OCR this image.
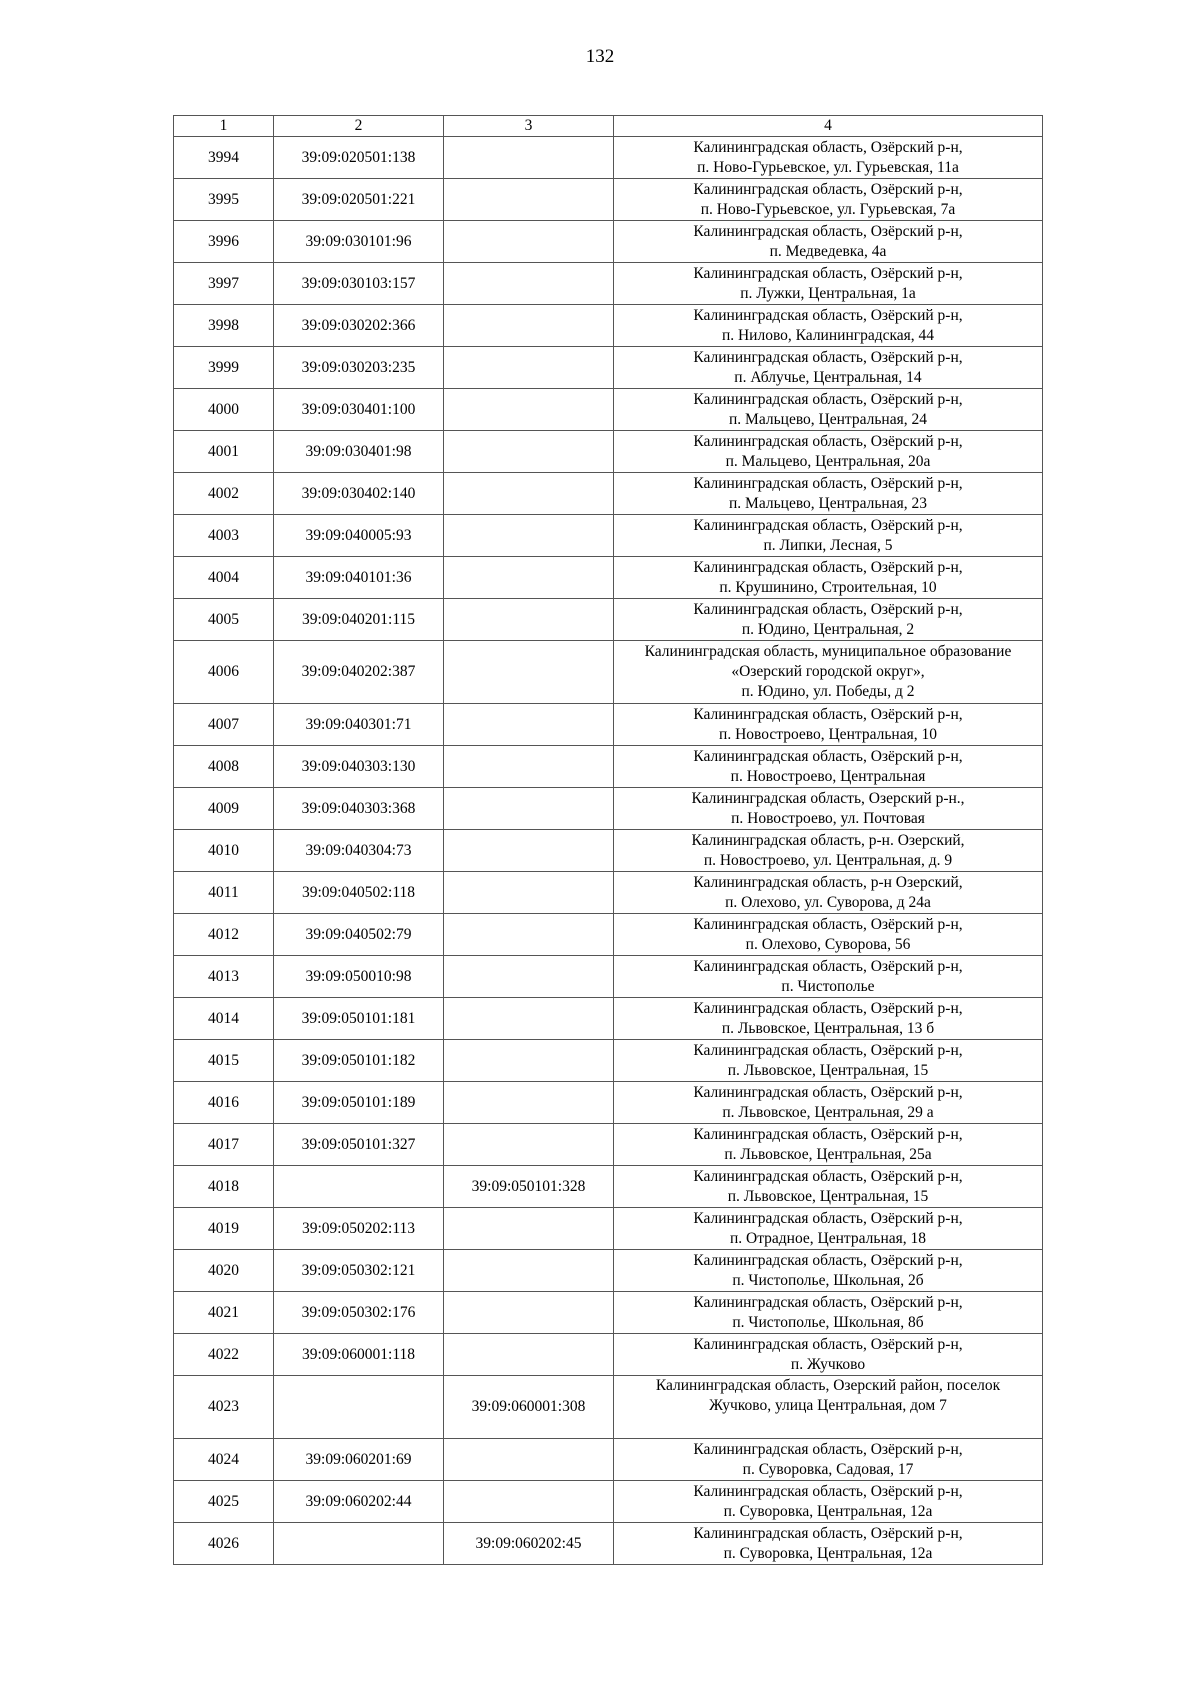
132
1	2	3	4
3994	39:09:020501:138		Калининградская область, Озёрский р-н,
п. Ново-Гурьевское, ул. Гурьевская, 11а
3995	39:09:020501:221		Калининградская область, Озёрский р-н,
п. Ново-Гурьевское, ул. Гурьевская, 7а
3996	39:09:030101:96		Калининградская область, Озёрский р-н,
п. Медведевка, 4а
3997	39:09:030103:157		Калининградская область, Озёрский р-н,
п. Лужки, Центральная, 1а
3998	39:09:030202:366		Калининградская область, Озёрский р-н,
п. Нилово, Калининградская, 44
3999	39:09:030203:235		Калининградская область, Озёрский р-н,
п. Аблучье, Центральная, 14
4000	39:09:030401:100		Калининградская область, Озёрский р-н,
п. Мальцево, Центральная, 24
4001	39:09:030401:98		Калининградская область, Озёрский р-н,
п. Мальцево, Центральная, 20а
4002	39:09:030402:140		Калининградская область, Озёрский р-н,
п. Мальцево, Центральная, 23
4003	39:09:040005:93		Калининградская область, Озёрский р-н,
п. Липки, Лесная, 5
4004	39:09:040101:36		Калининградская область, Озёрский р-н,
п. Крушинино, Строительная, 10
4005	39:09:040201:115		Калининградская область, Озёрский р-н,
п. Юдино, Центральная, 2
4006	39:09:040202:387		Калининградская область, муниципальное образование
«Озерский городской округ»,
п. Юдино, ул. Победы, д 2
4007	39:09:040301:71		Калининградская область, Озёрский р-н,
п. Новостроево, Центральная, 10
4008	39:09:040303:130		Калининградская область, Озёрский р-н,
п. Новостроево, Центральная
4009	39:09:040303:368		Калининградская область, Озерский р-н.,
п. Новостроево, ул. Почтовая
4010	39:09:040304:73		Калининградская область, р-н. Озерский,
п. Новостроево, ул. Центральная, д. 9
4011	39:09:040502:118		Калининградская область, р-н Озерский,
п. Олехово, ул. Суворова, д 24а
4012	39:09:040502:79		Калининградская область, Озёрский р-н,
п. Олехово, Суворова, 56
4013	39:09:050010:98		Калининградская область, Озёрский р-н,
п. Чистополье
4014	39:09:050101:181		Калининградская область, Озёрский р-н,
п. Львовское, Центральная, 13 б
4015	39:09:050101:182		Калининградская область, Озёрский р-н,
п. Львовское, Центральная, 15
4016	39:09:050101:189		Калининградская область, Озёрский р-н,
п. Львовское, Центральная, 29 а
4017	39:09:050101:327		Калининградская область, Озёрский р-н,
п. Львовское, Центральная, 25а
4018		39:09:050101:328	Калининградская область, Озёрский р-н,
п. Львовское, Центральная, 15
4019	39:09:050202:113		Калининградская область, Озёрский р-н,
п. Отрадное, Центральная, 18
4020	39:09:050302:121		Калининградская область, Озёрский р-н,
п. Чистополье, Школьная, 2б
4021	39:09:050302:176		Калининградская область, Озёрский р-н,
п. Чистополье, Школьная, 8б
4022	39:09:060001:118		Калининградская область, Озёрский р-н,
п. Жучково
4023		39:09:060001:308	Калининградская область, Озерский район, поселок
Жучково, улица Центральная, дом 7
4024	39:09:060201:69		Калининградская область, Озёрский р-н,
п. Суворовка, Садовая, 17
4025	39:09:060202:44		Калининградская область, Озёрский р-н,
п. Суворовка, Центральная, 12а
4026		39:09:060202:45	Калининградская область, Озёрский р-н,
п. Суворовка, Центральная, 12а
